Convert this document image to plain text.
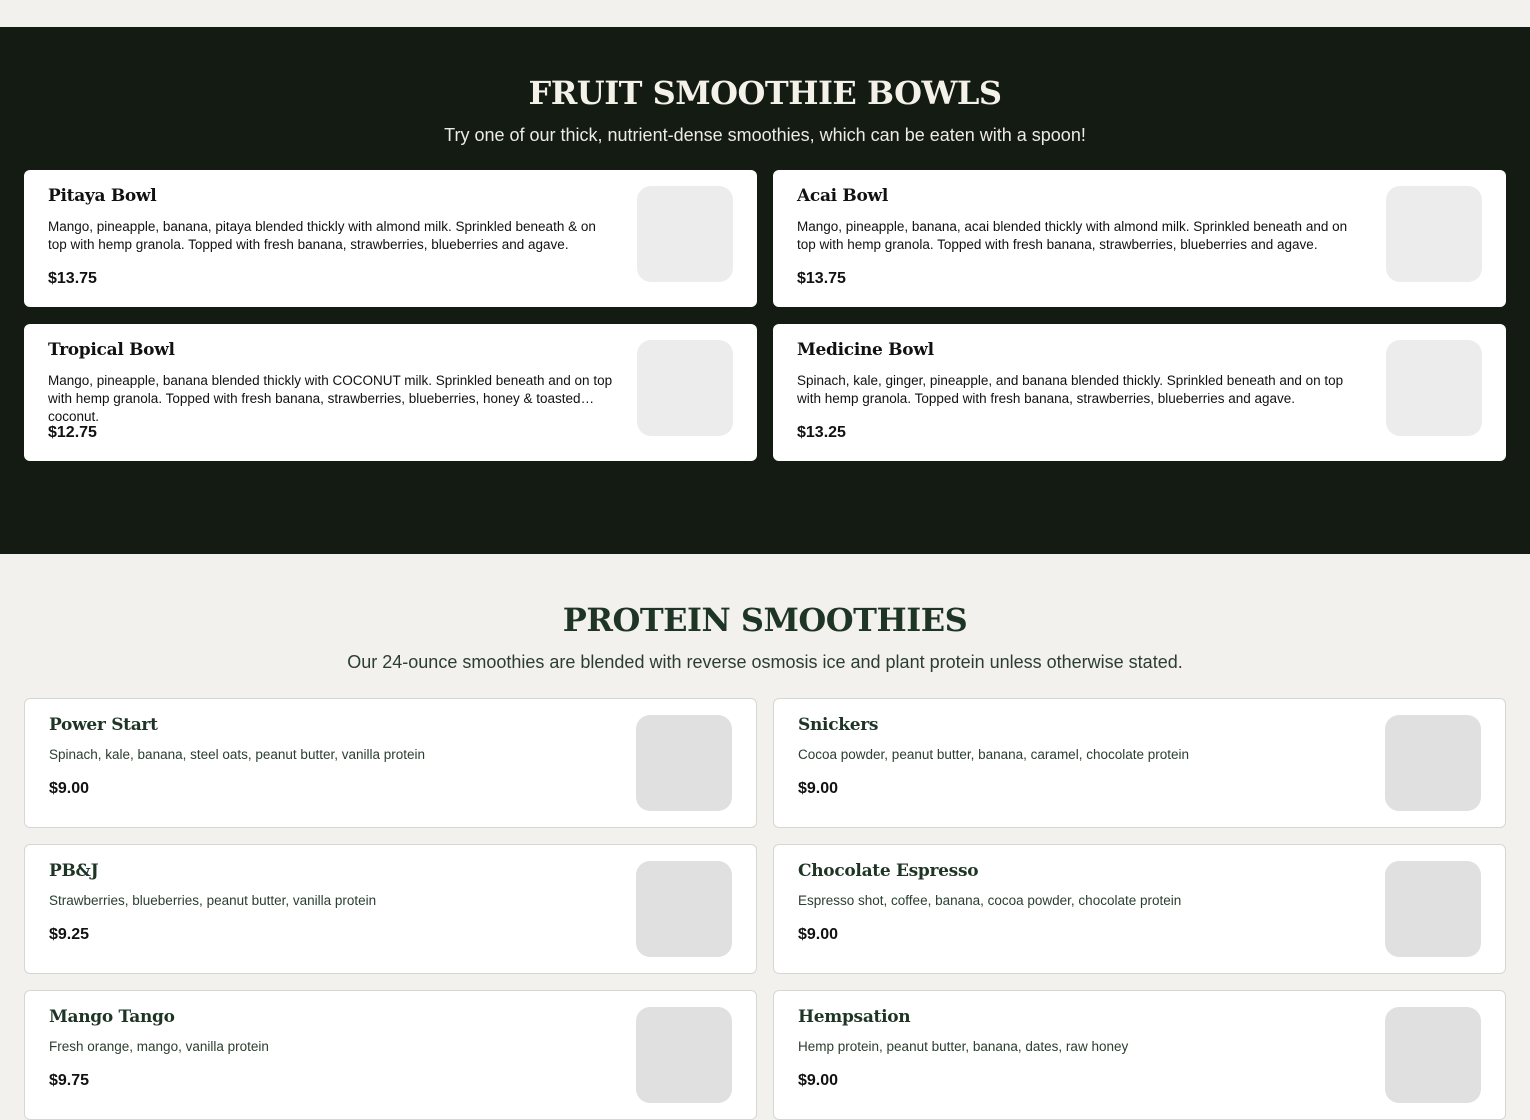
FRUIT SMOOTHIE BOWLS

Try one of our thick, nutrient-dense smoothies, which can be eaten with a spoon!

Pitaya Bowl
Mango, pineapple, banana, pitaya blended thickly with almond milk. Sprinkled beneath & on top with hemp granola. Topped with fresh banana, strawberries, blueberries and agave.
$13.75
Acai Bowl
Mango, pineapple, banana, acai blended thickly with almond milk. Sprinkled beneath and on top with hemp granola. Topped with fresh banana, strawberries, blueberries and agave.
$13.75
Tropical Bowl
Mango, pineapple, banana blended thickly with COCONUT milk. Sprinkled beneath and on top with hemp granola. Topped with fresh banana, strawberries, blueberries, honey & toasted coconut.
$12.75
Medicine Bowl
Spinach, kale, ginger, pineapple, and banana blended thickly. Sprinkled beneath and on top with hemp granola. Topped with fresh banana, strawberries, blueberries and agave.
$13.25
PROTEIN SMOOTHIES

Our 24-ounce smoothies are blended with reverse osmosis ice and plant protein unless otherwise stated.

Power Start
Spinach, kale, banana, steel oats, peanut butter, vanilla protein
$9.00
Snickers
Cocoa powder, peanut butter, banana, caramel, chocolate protein
$9.00
PB&J
Strawberries, blueberries, peanut butter, vanilla protein
$9.25
Chocolate Espresso
Espresso shot, coffee, banana, cocoa powder, chocolate protein
$9.00
Mango Tango
Fresh orange, mango, vanilla protein
$9.75
Hempsation
Hemp protein, peanut butter, banana, dates, raw honey
$9.00
